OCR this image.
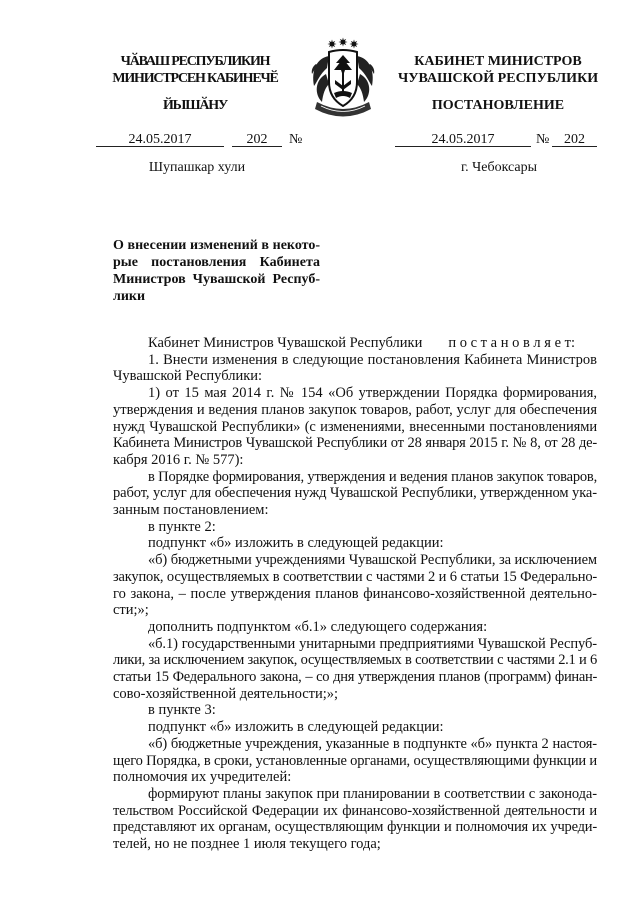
ЧӐВАШ РЕСПУБЛИКИН
МИНИСТРСЕН КАБИНЕЧӖ
ЙЫШӐНУ
КАБИНЕТ МИНИСТРОВ
ЧУВАШСКОЙ РЕСПУБЛИКИ
ПОСТАНОВЛЕНИЕ
24.05.2017	202	№	24.05.2017	№	202
Шупашкар хули	г. Чебоксары
О внесении изменений в некото-
рые постановления Кабинета
Министров Чувашской Респуб-
лики
Кабинет Министров Чувашской Республики п о с т а н о в л я е т:
1. Внести изменения в следующие постановления Кабинета Министров
Чувашской Республики:
1) от 15 мая 2014 г. № 154 «Об утверждении Порядка формирования,
утверждения и ведения планов закупок товаров, работ, услуг для обеспечения
нужд Чувашской Республики» (с изменениями, внесенными постановлениями
Кабинета Министров Чувашской Республики от 28 января 2015 г. № 8, от 28 де-
кабря 2016 г. № 577):
в Порядке формирования, утверждения и ведения планов закупок товаров,
работ, услуг для обеспечения нужд Чувашской Республики, утвержденном ука-
занным постановлением:
в пункте 2:
подпункт «б» изложить в следующей редакции:
«б) бюджетными учреждениями Чувашской Республики, за исключением
закупок, осуществляемых в соответствии с частями 2 и 6 статьи 15 Федерально-
го закона, – после утверждения планов финансово-хозяйственной деятельно-
сти;»;
дополнить подпунктом «б.1» следующего содержания:
«б.1) государственными унитарными предприятиями Чувашской Респуб-
лики, за исключением закупок, осуществляемых в соответствии с частями 2.1 и 6
статьи 15 Федерального закона, – со дня утверждения планов (программ) финан-
сово-хозяйственной деятельности;»;
в пункте 3:
подпункт «б» изложить в следующей редакции:
«б) бюджетные учреждения, указанные в подпункте «б» пункта 2 настоя-
щего Порядка, в сроки, установленные органами, осуществляющими функции и
полномочия их учредителей:
формируют планы закупок при планировании в соответствии с законода-
тельством Российской Федерации их финансово-хозяйственной деятельности и
представляют их органам, осуществляющим функции и полномочия их учреди-
телей, но не позднее 1 июля текущего года;
